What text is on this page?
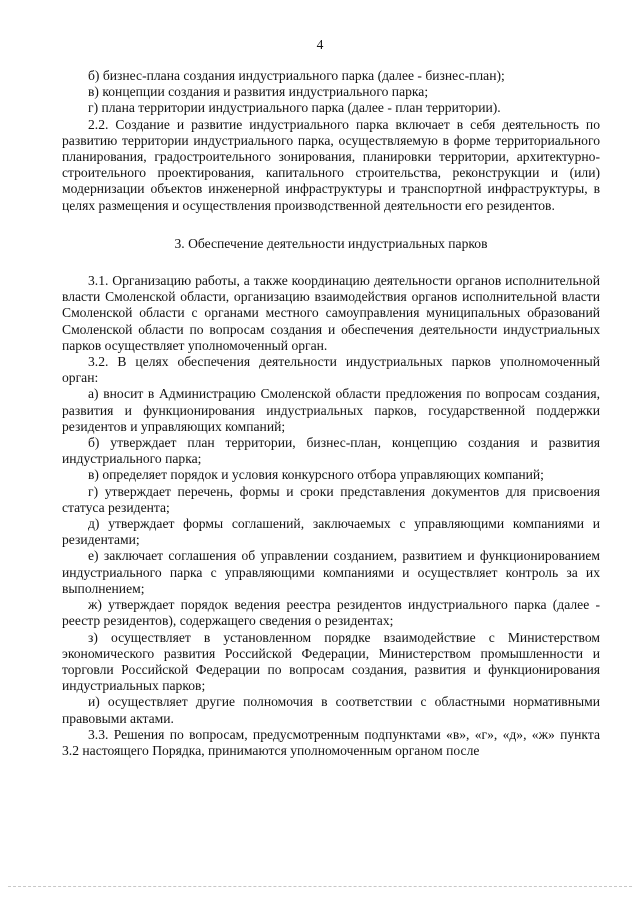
4

б) бизнес-плана создания индустриального парка (далее - бизнес-план);

в) концепции создания и развития индустриального парка;

г) плана территории индустриального парка (далее - план территории).

2.2. Создание и развитие индустриального парка включает в себя деятельность по развитию территории индустриального парка, осуществляемую в форме территориального планирования, градостроительного зонирования, планировки территории, архитектурно-строительного проектирования, капитального строительства, реконструкции и (или) модернизации объектов инженерной инфраструктуры и транспортной инфраструктуры, в целях размещения и осуществления производственной деятельности его резидентов.

3. Обеспечение деятельности индустриальных парков

3.1. Организацию работы, а также координацию деятельности органов исполнительной власти Смоленской области, организацию взаимодействия органов исполнительной власти Смоленской области с органами местного самоуправления муниципальных образований Смоленской области по вопросам создания и обеспечения деятельности индустриальных парков осуществляет уполномоченный орган.

3.2. В целях обеспечения деятельности индустриальных парков уполномоченный орган:

а) вносит в Администрацию Смоленской области предложения по вопросам создания, развития и функционирования индустриальных парков, государственной поддержки резидентов и управляющих компаний;

б) утверждает план территории, бизнес-план, концепцию создания и развития индустриального парка;

в) определяет порядок и условия конкурсного отбора управляющих компаний;

г) утверждает перечень, формы и сроки представления документов для присвоения статуса резидента;

д) утверждает формы соглашений, заключаемых с управляющими компаниями и резидентами;

е) заключает соглашения об управлении созданием, развитием и функционированием индустриального парка с управляющими компаниями и осуществляет контроль за их выполнением;

ж) утверждает порядок ведения реестра резидентов индустриального парка (далее - реестр резидентов), содержащего сведения о резидентах;

з) осуществляет в установленном порядке взаимодействие с Министерством экономического развития Российской Федерации, Министерством промышленности и торговли Российской Федерации по вопросам создания, развития и функционирования индустриальных парков;

и) осуществляет другие полномочия в соответствии с областными нормативными правовыми актами.

3.3. Решения по вопросам, предусмотренным подпунктами «в», «г», «д», «ж» пункта 3.2 настоящего Порядка, принимаются уполномоченным органом после
